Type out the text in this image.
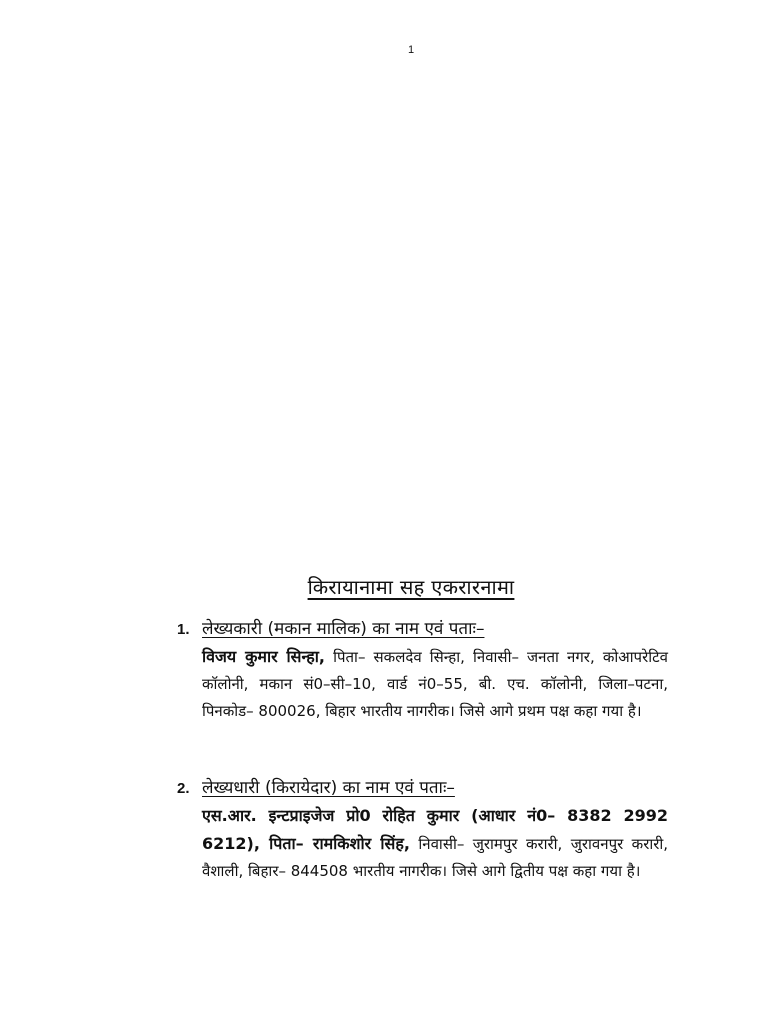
1
किरायानामा सह एकरारनामा
1. लेख्यकारी (मकान मालिक) का नाम एवं पताः–
विजय कुमार सिन्हा, पिता– सकलदेव सिन्हा, निवासी– जनता नगर, कोआपरेटिव कॉलोनी, मकान सं0–सी–10, वार्ड नं0–55, बी. एच. कॉलोनी, जिला–पटना, पिनकोड– 800026, बिहार भारतीय नागरीक। जिसे आगे प्रथम पक्ष कहा गया है।
2. लेख्यधारी (किरायेदार) का नाम एवं पताः–
एस.आर. इन्टप्राइजेज प्रो0 रोहित कुमार (आधार नं0– 8382 2992 6212), पिता– रामकिशोर सिंह, निवासी– जुरामपुर करारी, जुरावनपुर करारी, वैशाली, बिहार– 844508 भारतीय नागरीक। जिसे आगे द्वितीय पक्ष कहा गया है।
